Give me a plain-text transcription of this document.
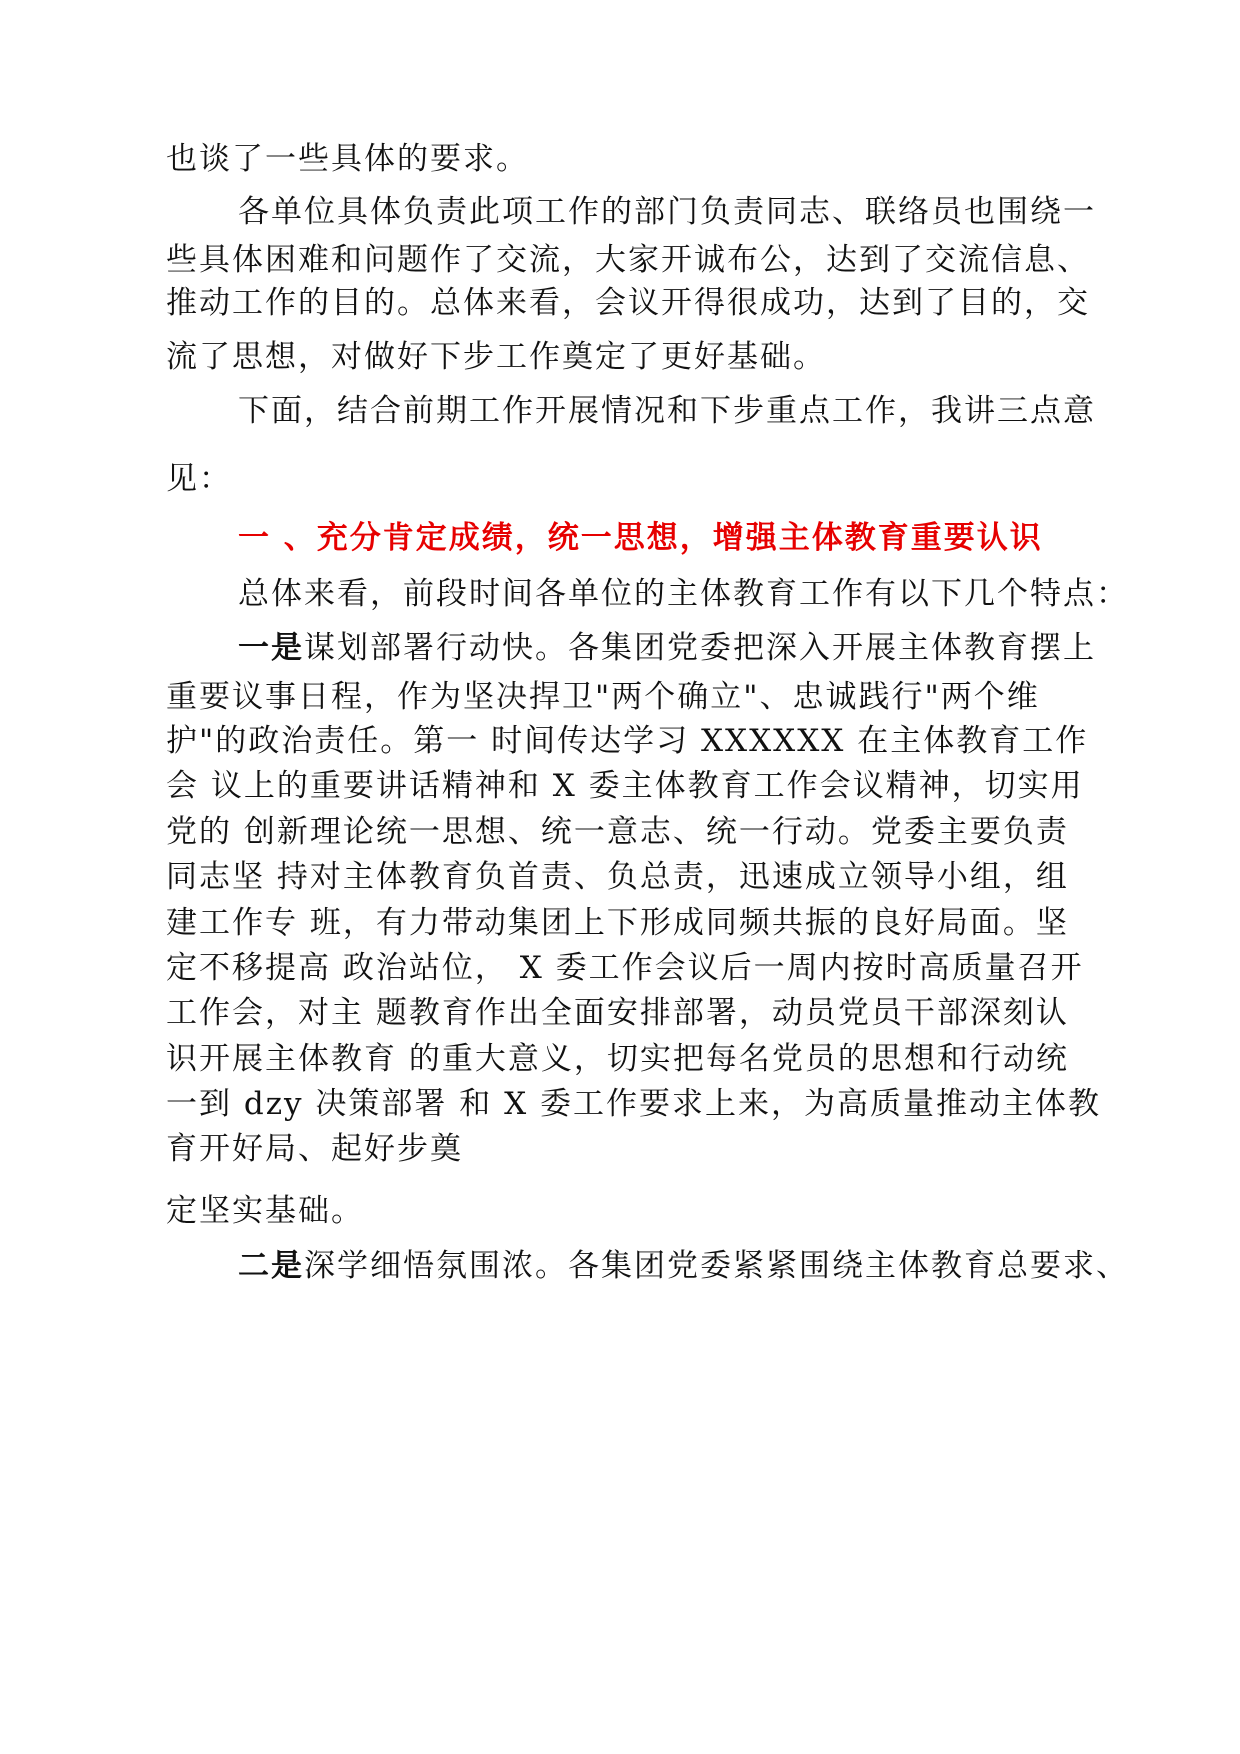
也谈了一些具体的要求。
各单位具体负责此项工作的部门负责同志、联络员也围绕一
些具体困难和问题作了交流，大家开诚布公，达到了交流信息、
推动工作的目的。总体来看，会议开得很成功，达到了目的，交
流了思想，对做好下步工作奠定了更好基础。
下面，结合前期工作开展情况和下步重点工作，我讲三点意
见：
一 、充分肯定成绩，统一思想，增强主体教育重要认识
总体来看，前段时间各单位的主体教育工作有以下几个特点：
一是谋划部署行动快。各集团党委把深入开展主体教育摆上
重要议事日程，作为坚决捍卫"两个确立"、忠诚践行"两个维
护"的政治责任。第一 时间传达学习 XXXXXX 在主体教育工作
会 议上的重要讲话精神和 X 委主体教育工作会议精神，切实用
党的 创新理论统一思想、统一意志、统一行动。党委主要负责
同志坚 持对主体教育负首责、负总责，迅速成立领导小组，组
建工作专 班，有力带动集团上下形成同频共振的良好局面。坚
定不移提高 政治站位， X 委工作会议后一周内按时高质量召开
工作会，对主 题教育作出全面安排部署，动员党员干部深刻认
识开展主体教育 的重大意义，切实把每名党员的思想和行动统
一到 dzy 决策部署 和 X 委工作要求上来，为高质量推动主体教
育开好局、起好步奠
定坚实基础。
二是深学细悟氛围浓。各集团党委紧紧围绕主体教育总要求、
